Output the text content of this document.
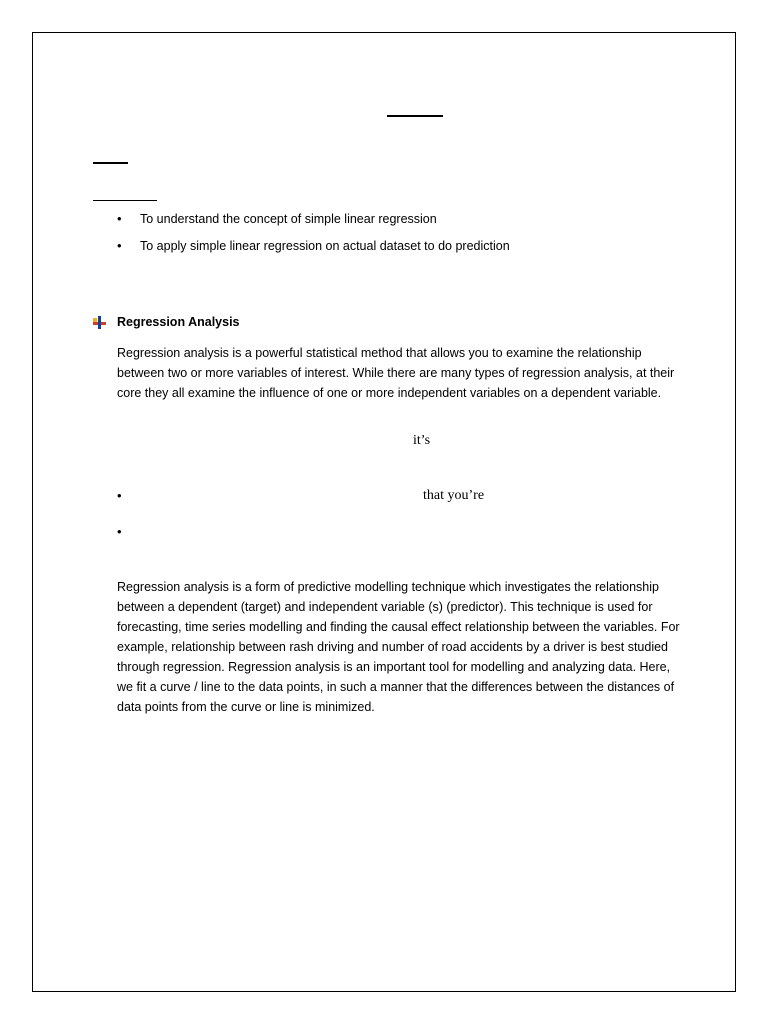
• To understand the concept of simple linear regression
• To apply simple linear regression on actual dataset to do prediction
Regression Analysis

Regression analysis is a powerful statistical method that allows you to examine the relationship between two or more variables of interest. While there are many types of regression analysis, at their core they all examine the influence of one or more independent variables on a dependent variable.

it’s
•	that you’re
•

Regression analysis is a form of predictive modelling technique which investigates the relationship between a dependent (target) and independent variable (s) (predictor). This technique is used for forecasting, time series modelling and finding the causal effect relationship between the variables. For example, relationship between rash driving and number of road accidents by a driver is best studied through regression. Regression analysis is an important tool for modelling and analyzing data. Here, we fit a curve / line to the data points, in such a manner that the differences between the distances of data points from the curve or line is minimized.
